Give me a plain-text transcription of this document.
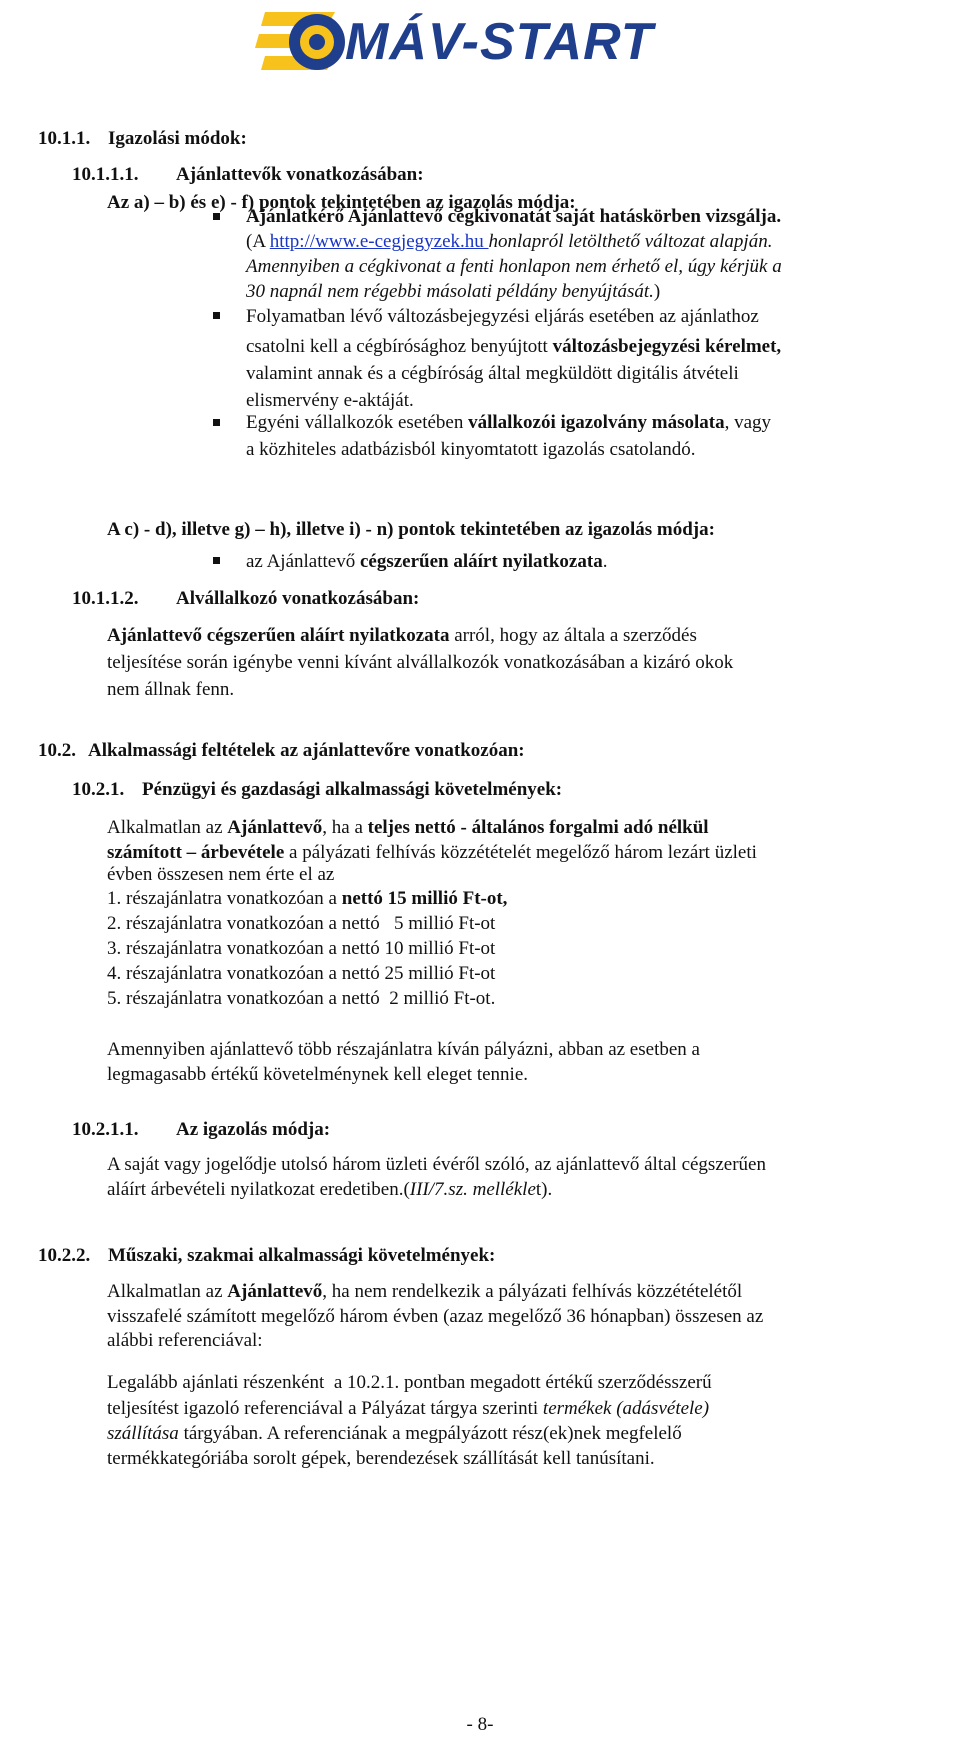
MÁV-START
10.1.1. Igazolási módok:
10.1.1.1. Ajánlattevők vonatkozásában:
Az a) – b) és e) - f) pontok tekintetében az igazolás módja:
Ajánlatkérő Ajánlattevő cégkivonatát saját hatáskörben vizsgálja.
(A http://www.e-cegjegyzek.hu honlapról letölthető változat alapján.
Amennyiben a cégkivonat a fenti honlapon nem érhető el, úgy kérjük a
30 napnál nem régebbi másolati példány benyújtását.)
Folyamatban lévő változásbejegyzési eljárás esetében az ajánlathoz
csatolni kell a cégbírósághoz benyújtott változásbejegyzési kérelmet,
valamint annak és a cégbíróság által megküldött digitális átvételi
elismervény e-aktáját.
Egyéni vállalkozók esetében vállalkozói igazolvány másolata, vagy
a közhiteles adatbázisból kinyomtatott igazolás csatolandó.
A c) - d), illetve g) – h), illetve i) - n) pontok tekintetében az igazolás módja:
az Ajánlattevő cégszerűen aláírt nyilatkozata.
10.1.1.2. Alvállalkozó vonatkozásában:
Ajánlattevő cégszerűen aláírt nyilatkozata arról, hogy az általa a szerződés
teljesítése során igénybe venni kívánt alvállalkozók vonatkozásában a kizáró okok
nem állnak fenn.
10.2. Alkalmassági feltételek az ajánlattevőre vonatkozóan:
10.2.1. Pénzügyi és gazdasági alkalmassági követelmények:
Alkalmatlan az Ajánlattevő, ha a teljes nettó - általános forgalmi adó nélkül
számított – árbevétele a pályázati felhívás közzétételét megelőző három lezárt üzleti
évben összesen nem érte el az
1. részajánlatra vonatkozóan a nettó 15 millió Ft-ot,
2. részajánlatra vonatkozóan a nettó   5 millió Ft-ot
3. részajánlatra vonatkozóan a nettó 10 millió Ft-ot
4. részajánlatra vonatkozóan a nettó 25 millió Ft-ot
5. részajánlatra vonatkozóan a nettó  2 millió Ft-ot.
Amennyiben ajánlattevő több részajánlatra kíván pályázni, abban az esetben a
legmagasabb értékű követelménynek kell eleget tennie.
10.2.1.1. Az igazolás módja:
A saját vagy jogelődje utolsó három üzleti évéről szóló, az ajánlattevő által cégszerűen
aláírt árbevételi nyilatkozat eredetiben.(III/7.sz. melléklet).
10.2.2. Műszaki, szakmai alkalmassági követelmények:
Alkalmatlan az Ajánlattevő, ha nem rendelkezik a pályázati felhívás közzétételétől
visszafelé számított megelőző három évben (azaz megelőző 36 hónapban) összesen az
alábbi referenciával:
Legalább ajánlati részenként  a 10.2.1. pontban megadott értékű szerződésszerű
teljesítést igazoló referenciával a Pályázat tárgya szerinti termékek (adásvétele)
szállítása tárgyában. A referenciának a megpályázott rész(ek)nek megfelelő
termékkategóriába sorolt gépek, berendezések szállítását kell tanúsítani.
- 8-
